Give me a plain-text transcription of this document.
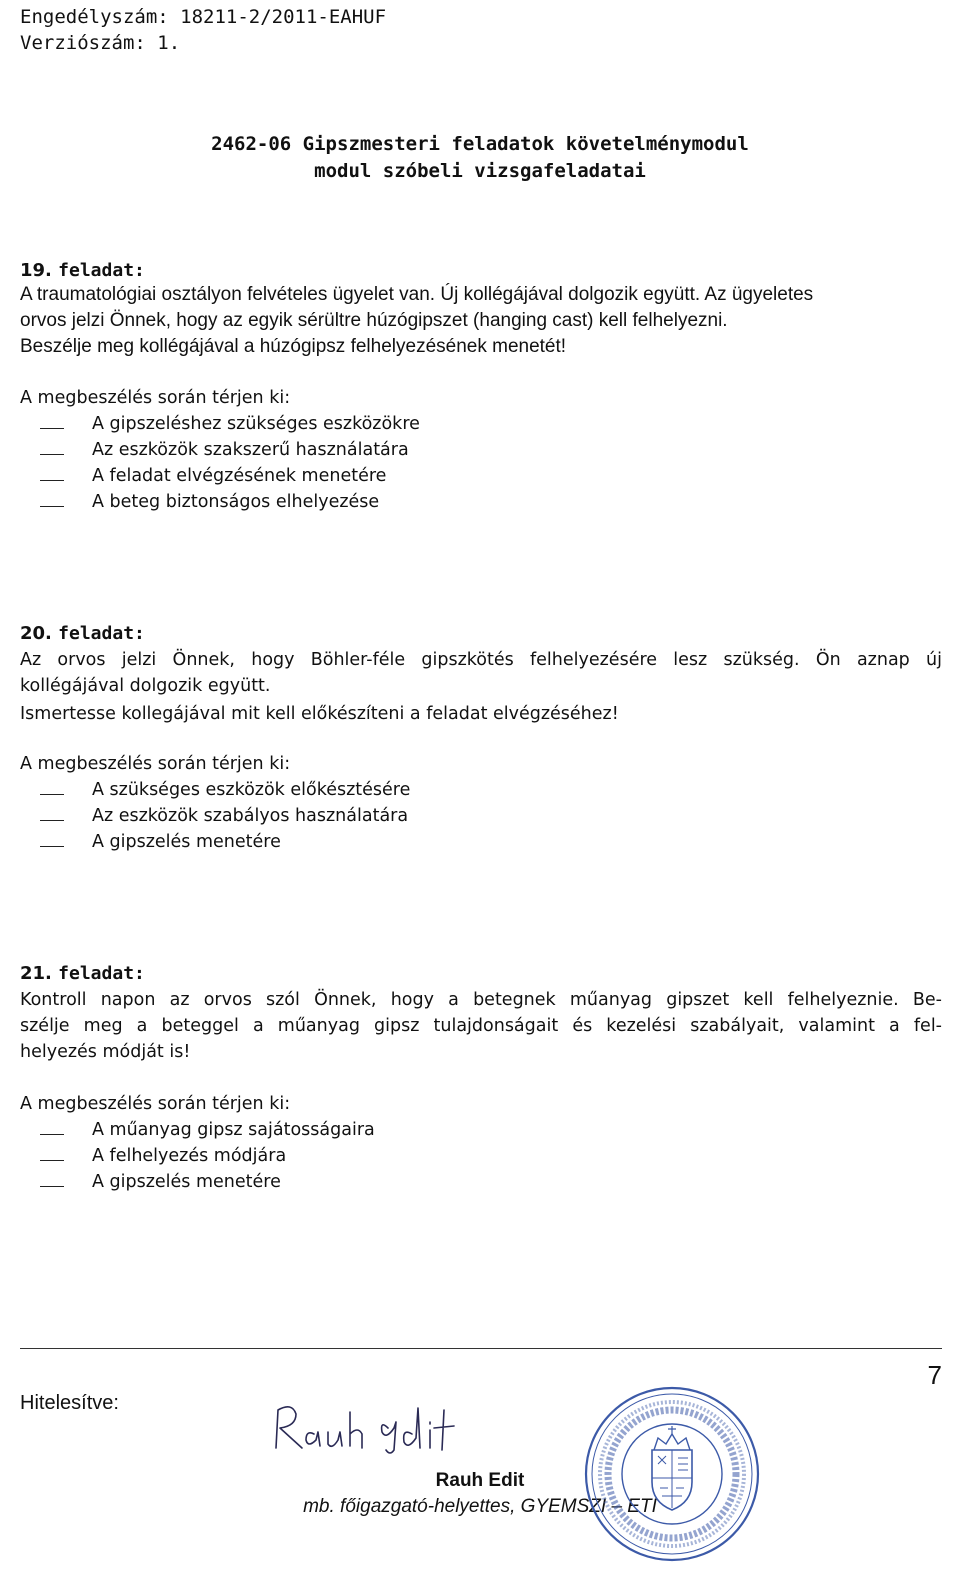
Engedélyszám: 18211-2/2011-EAHUF
Verziószám: 1.
2462-06 Gipszmesteri feladatok követelménymodul
modul szóbeli vizsgafeladatai
19. feladat:
A traumatológiai osztályon felvételes ügyelet van. Új kollégájával dolgozik együtt. Az ügyeletes
orvos jelzi Önnek, hogy az egyik sérültre húzógipszet (hanging cast) kell felhelyezni.
Beszélje meg kollégájával a húzógipsz felhelyezésének menetét!
A megbeszélés során térjen ki:
A gipszeléshez szükséges eszközökre
Az eszközök szakszerű használatára
A feladat elvégzésének menetére
A beteg biztonságos elhelyezése
20. feladat:
Az orvos jelzi Önnek, hogy Böhler-féle gipszkötés felhelyezésére lesz szükség. Ön aznap új
kollégájával dolgozik együtt.
Ismertesse kollegájával mit kell előkészíteni a feladat elvégzéséhez!
A megbeszélés során térjen ki:
A szükséges eszközök előkésztésére
Az eszközök szabályos használatára
A gipszelés menetére
21. feladat:
Kontroll napon az orvos szól Önnek, hogy a betegnek műanyag gipszet kell felhelyeznie. Be-
szélje meg a beteggel a műanyag gipsz tulajdonságait és kezelési szabályait, valamint a fel-
helyezés módját is!
A megbeszélés során térjen ki:
A műanyag gipsz sajátosságaira
A felhelyezés módjára
A gipszelés menetére
7
Hitelesítve:
Rauh Edit
mb. főigazgató-helyettes, GYEMSZI – ETI
